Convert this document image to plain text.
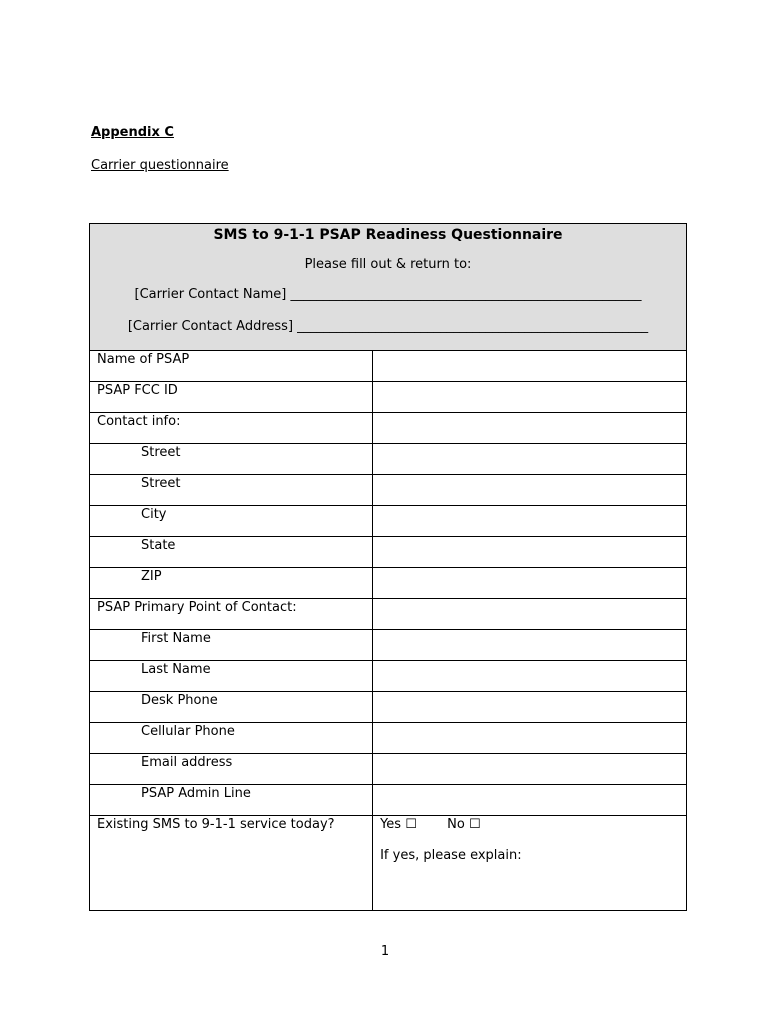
Appendix C
Carrier questionnaire
SMS to 9-1-1 PSAP Readiness Questionnaire
Please fill out & return to:
[Carrier Contact Name] ______________________________________________________
[Carrier Contact Address] ______________________________________________________	

Name of PSAP	
PSAP FCC ID	
Contact info:	
Street	
Street	
City	
State	
ZIP	
PSAP Primary Point of Contact:	
First Name	
Last Name	
Desk Phone	
Cellular Phone	
Email address	
PSAP Admin Line	
Existing SMS to 9-1-1 service today?	Yes ☐ No ☐
If yes, please explain:
1
